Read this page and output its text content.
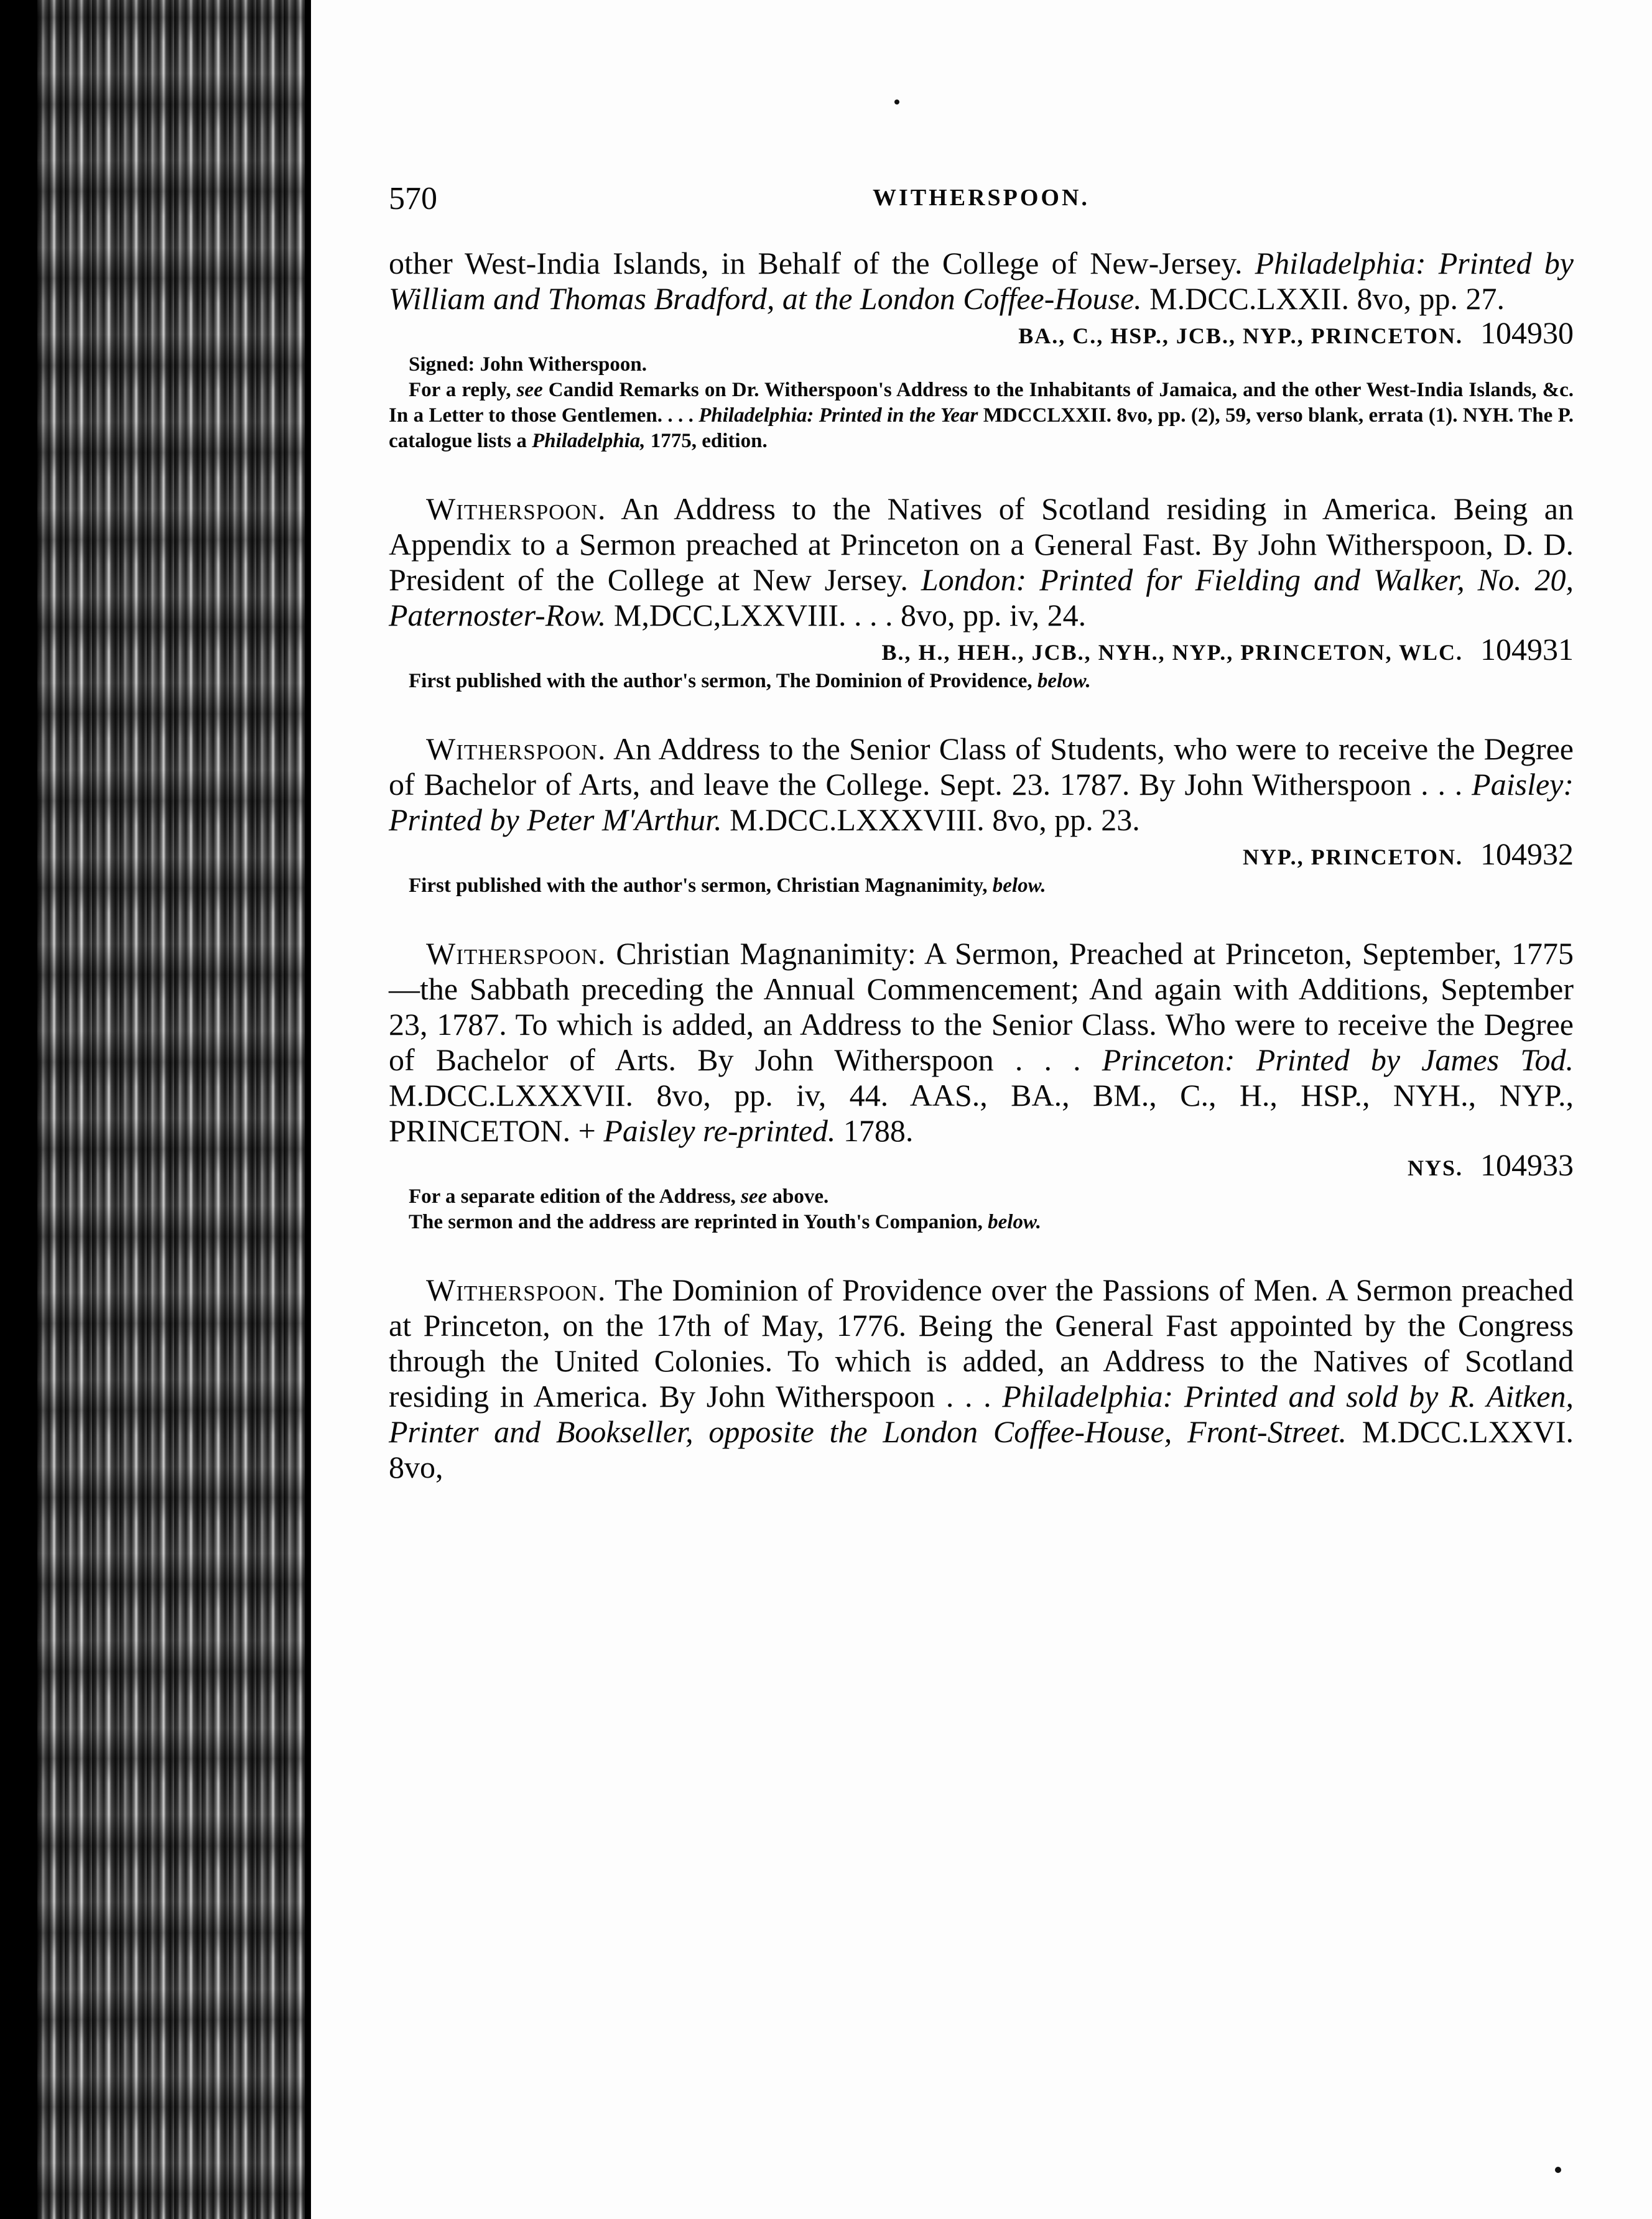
570	WITHERSPOON.

other West-India Islands, in Behalf of the College of New-Jersey. Philadelphia: Printed by William and Thomas Bradford, at the London Coffee-House. M.DCC.LXXII. 8vo, pp. 27.

BA., C., HSP., JCB., NYP., PRINCETON. 104930

Signed: John Witherspoon.

For a reply, see Candid Remarks on Dr. Witherspoon's Address to the Inhabitants of Jamaica, and the other West-India Islands, &c. In a Letter to those Gentlemen. . . . Philadelphia: Printed in the Year MDCCLXXII. 8vo, pp. (2), 59, verso blank, errata (1). NYH. The P. catalogue lists a Philadelphia, 1775, edition.

Witherspoon. An Address to the Natives of Scotland residing in America. Being an Appendix to a Sermon preached at Princeton on a General Fast. By John Witherspoon, D. D. President of the College at New Jersey. London: Printed for Fielding and Walker, No. 20, Paternoster-Row. M,DCC,LXXVIII. . . . 8vo, pp. iv, 24.

B., H., HEH., JCB., NYH., NYP., PRINCETON, WLC. 104931

First published with the author's sermon, The Dominion of Providence, below.

Witherspoon. An Address to the Senior Class of Students, who were to receive the Degree of Bachelor of Arts, and leave the College. Sept. 23. 1787. By John Witherspoon . . . Paisley: Printed by Peter M'Arthur. M.DCC.LXXXVIII. 8vo, pp. 23.

NYP., PRINCETON. 104932

First published with the author's sermon, Christian Magnanimity, below.

Witherspoon. Christian Magnanimity: A Sermon, Preached at Princeton, September, 1775—the Sabbath preceding the Annual Commencement; And again with Additions, September 23, 1787. To which is added, an Address to the Senior Class. Who were to receive the Degree of Bachelor of Arts. By John Witherspoon . . . Princeton: Printed by James Tod. M.DCC.LXXXVII. 8vo, pp. iv, 44. AAS., BA., BM., C., H., HSP., NYH., NYP., PRINCETON. + Paisley re-printed. 1788.

NYS. 104933

For a separate edition of the Address, see above.

The sermon and the address are reprinted in Youth's Companion, below.

Witherspoon. The Dominion of Providence over the Passions of Men. A Sermon preached at Princeton, on the 17th of May, 1776. Being the General Fast appointed by the Congress through the United Colonies. To which is added, an Address to the Natives of Scotland residing in America. By John Witherspoon . . . Philadelphia: Printed and sold by R. Aitken, Printer and Bookseller, opposite the London Coffee-House, Front-Street. M.DCC.LXXVI. 8vo,
